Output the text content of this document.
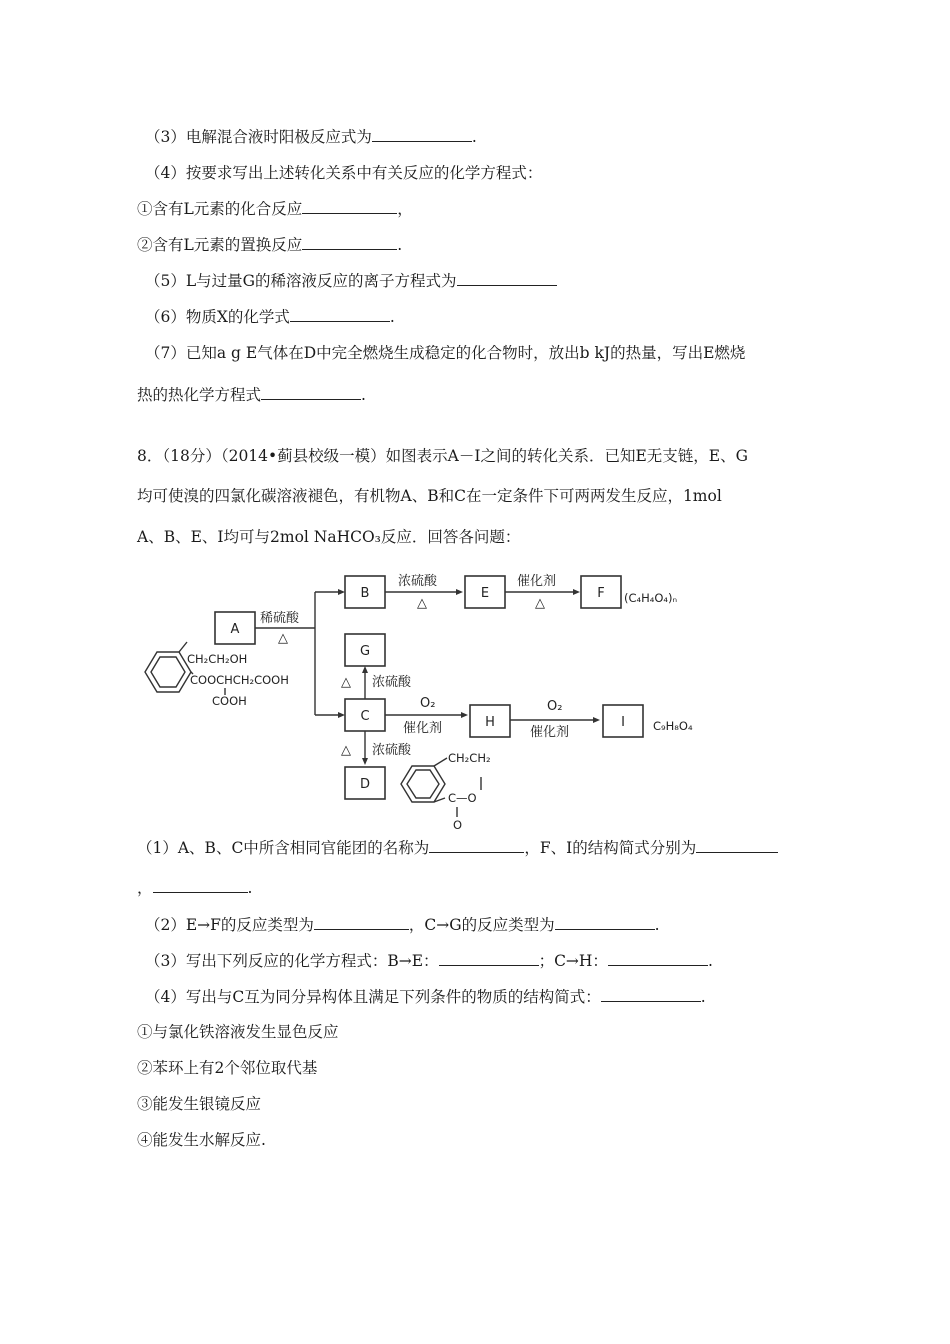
（3）电解混合液时阳极反应式为	.
（4）按要求写出上述转化关系中有关反应的化学方程式：
①含有L元素的化合反应	，
②含有L元素的置换反应	.
（5）L与过量G的稀溶液反应的离子方程式为
（6）物质X的化学式	.
（7）已知a g E气体在D中完全燃烧生成稳定的化合物时，放出b kJ的热量，写出E燃烧
热的热化学方程式	.
8．（18分）（2014•蓟县校级一模）如图表示A－I之间的转化关系．已知E无支链，E、G
均可使溴的四氯化碳溶液褪色，有机物A、B和C在一定条件下可两两发生反应，1mol
A、B、E、I均可与2mol NaHCO₃反应．回答各问题：
CH₂CH₂OH
COOCHCH₂COOH
COOH
A
稀硫酸
△
B
浓硫酸
△
E
催化剂
△
F (C₄H₄O₄)ₙ
G
△ 浓硫酸
C
O₂
催化剂	H
O₂
催化剂
I C₉H₈O₄
△ 浓硫酸
D
CH₂CH₂
C—O
O
（1）A、B、C中所含相同官能团的名称为	，F、I的结构简式分别为
，	.
（2）E→F的反应类型为	，C→G的反应类型为	.
（3）写出下列反应的化学方程式：B→E：	；C→H：	.
（4）写出与C互为同分异构体且满足下列条件的物质的结构简式：	.
①与氯化铁溶液发生显色反应
②苯环上有2个邻位取代基
③能发生银镜反应
④能发生水解反应.
